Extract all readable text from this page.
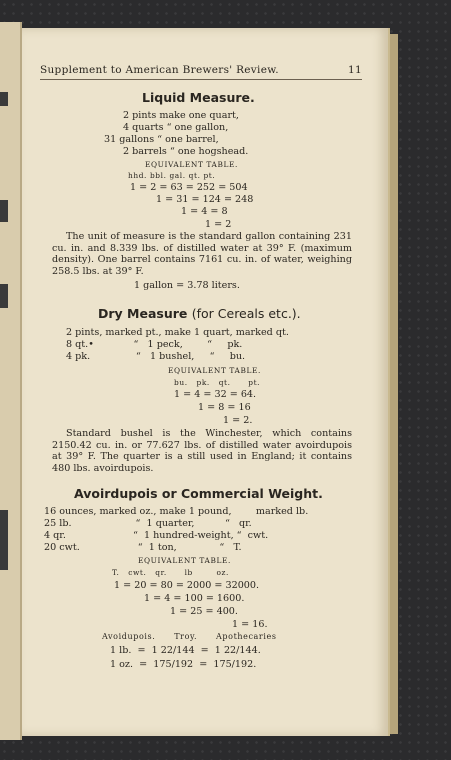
Supplement to American Brewers' Review.	11
Liquid Measure.
2 pints make one quart,
4 quarts “ one gallon,
31 gallons “ one barrel,
2 barrels “ one hogshead.
EQUIVALENT TABLE.
hhd. bbl. gal. qt. pt.
1 = 2 = 63 = 252 = 504
1 = 31 = 124 = 248
1 = 4 = 8
1 = 2
The unit of measure is the standard gallon containing 231 cu. in. and 8.339 lbs. of distilled water at 39° F. (maximum density). One barrel contains 7161 cu. in. of water, weighing 258.5 lbs. at 39° F.
1 gallon = 3.78 liters.
Dry Measure (for Cereals etc.).
2 pints, marked pt., make 1 quart, marked qt.
8 qt.•             “   1 peck,        “     pk.
4 pk.               “   1 bushel,     “     bu.
EQUIVALENT TABLE.
bu.   pk.   qt.      pt.
1 = 4 = 32 = 64.
1 = 8 = 16
1 = 2.
Standard bushel is the Winchester, which contains 2150.42 cu. in. or 77.627 lbs. of distilled water avoirdupois at 39° F. The quarter is a still used in England; it contains 480 lbs. avoirdupois.
Avoirdupois or Commercial Weight.
16 ounces, marked oz., make 1 pound,        marked lb.
25 lb.                     “  1 quarter,          “   qr.
4 qr.                      “  1 hundred-weight, “  cwt.
20 cwt.                   “  1 ton,              “   T.
EQUIVALENT TABLE.
T.   cwt.   qr.      lb        oz.
1 = 20 = 80 = 2000 = 32000.
1 = 4 = 100 = 1600.
1 = 25 = 400.
1 = 16.
Avoidupois.      Troy.      Apothecaries
1 lb.  =  1 22/144  =  1 22/144.
1 oz.  =  175/192  =  175/192.
